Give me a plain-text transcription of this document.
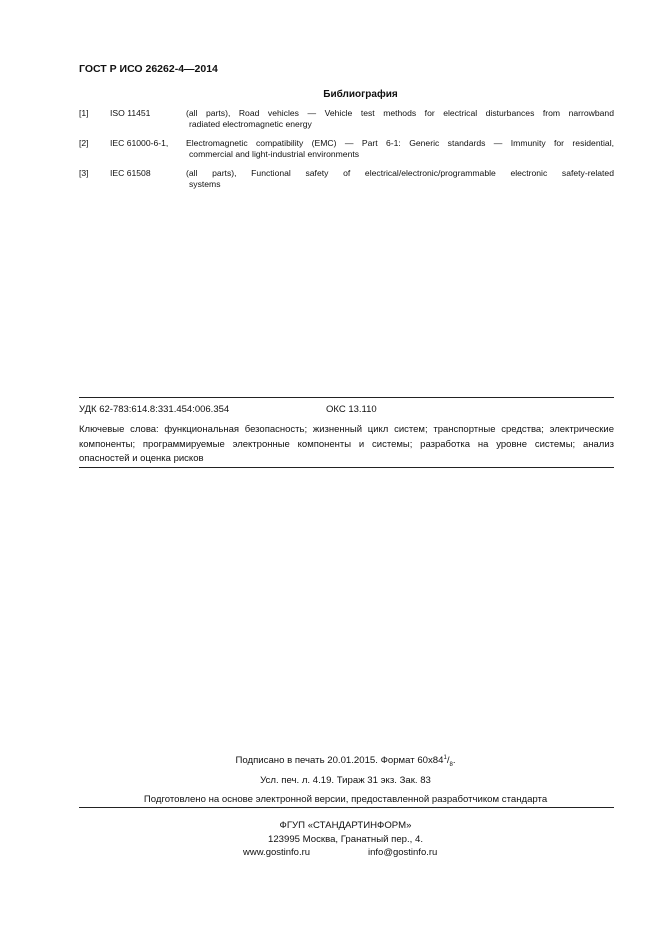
ГОСТ Р ИСО 26262-4—2014
Библиография
[1] ISO 11451	(all parts), Road vehicles — Vehicle test methods for electrical disturbances from narrowband
radiated electromagnetic energy
[2] IEC 61000-6-1, Electromagnetic compatibility (EMC) — Part 6-1: Generic standards — Immunity for residential,
commercial and light-industrial environments
[3] IEC 61508	(all parts), Functional safety of electrical/electronic/programmable electronic safety-related
systems
УДК 62-783:614.8:331.454:006.354	ОКС 13.110
Ключевые слова: функциональная безопасность; жизненный цикл систем; транспортные средства; электрические компоненты; программируемые электронные компоненты и системы; разработка на уровне системы; анализ опасностей и оценка рисков
Подписано в печать 20.01.2015. Формат $60x84^1/_8$.
Усл. печ. л. 4.19. Тираж 31 экз. Зак. 83
Подготовлено на основе электронной версии, предоставленной разработчиком стандарта
ФГУП «СТАНДАРТИНФОРМ»
123995 Москва, Гранатный пер., 4.
www.gostinfo.ru	info@gostinfo.ru
